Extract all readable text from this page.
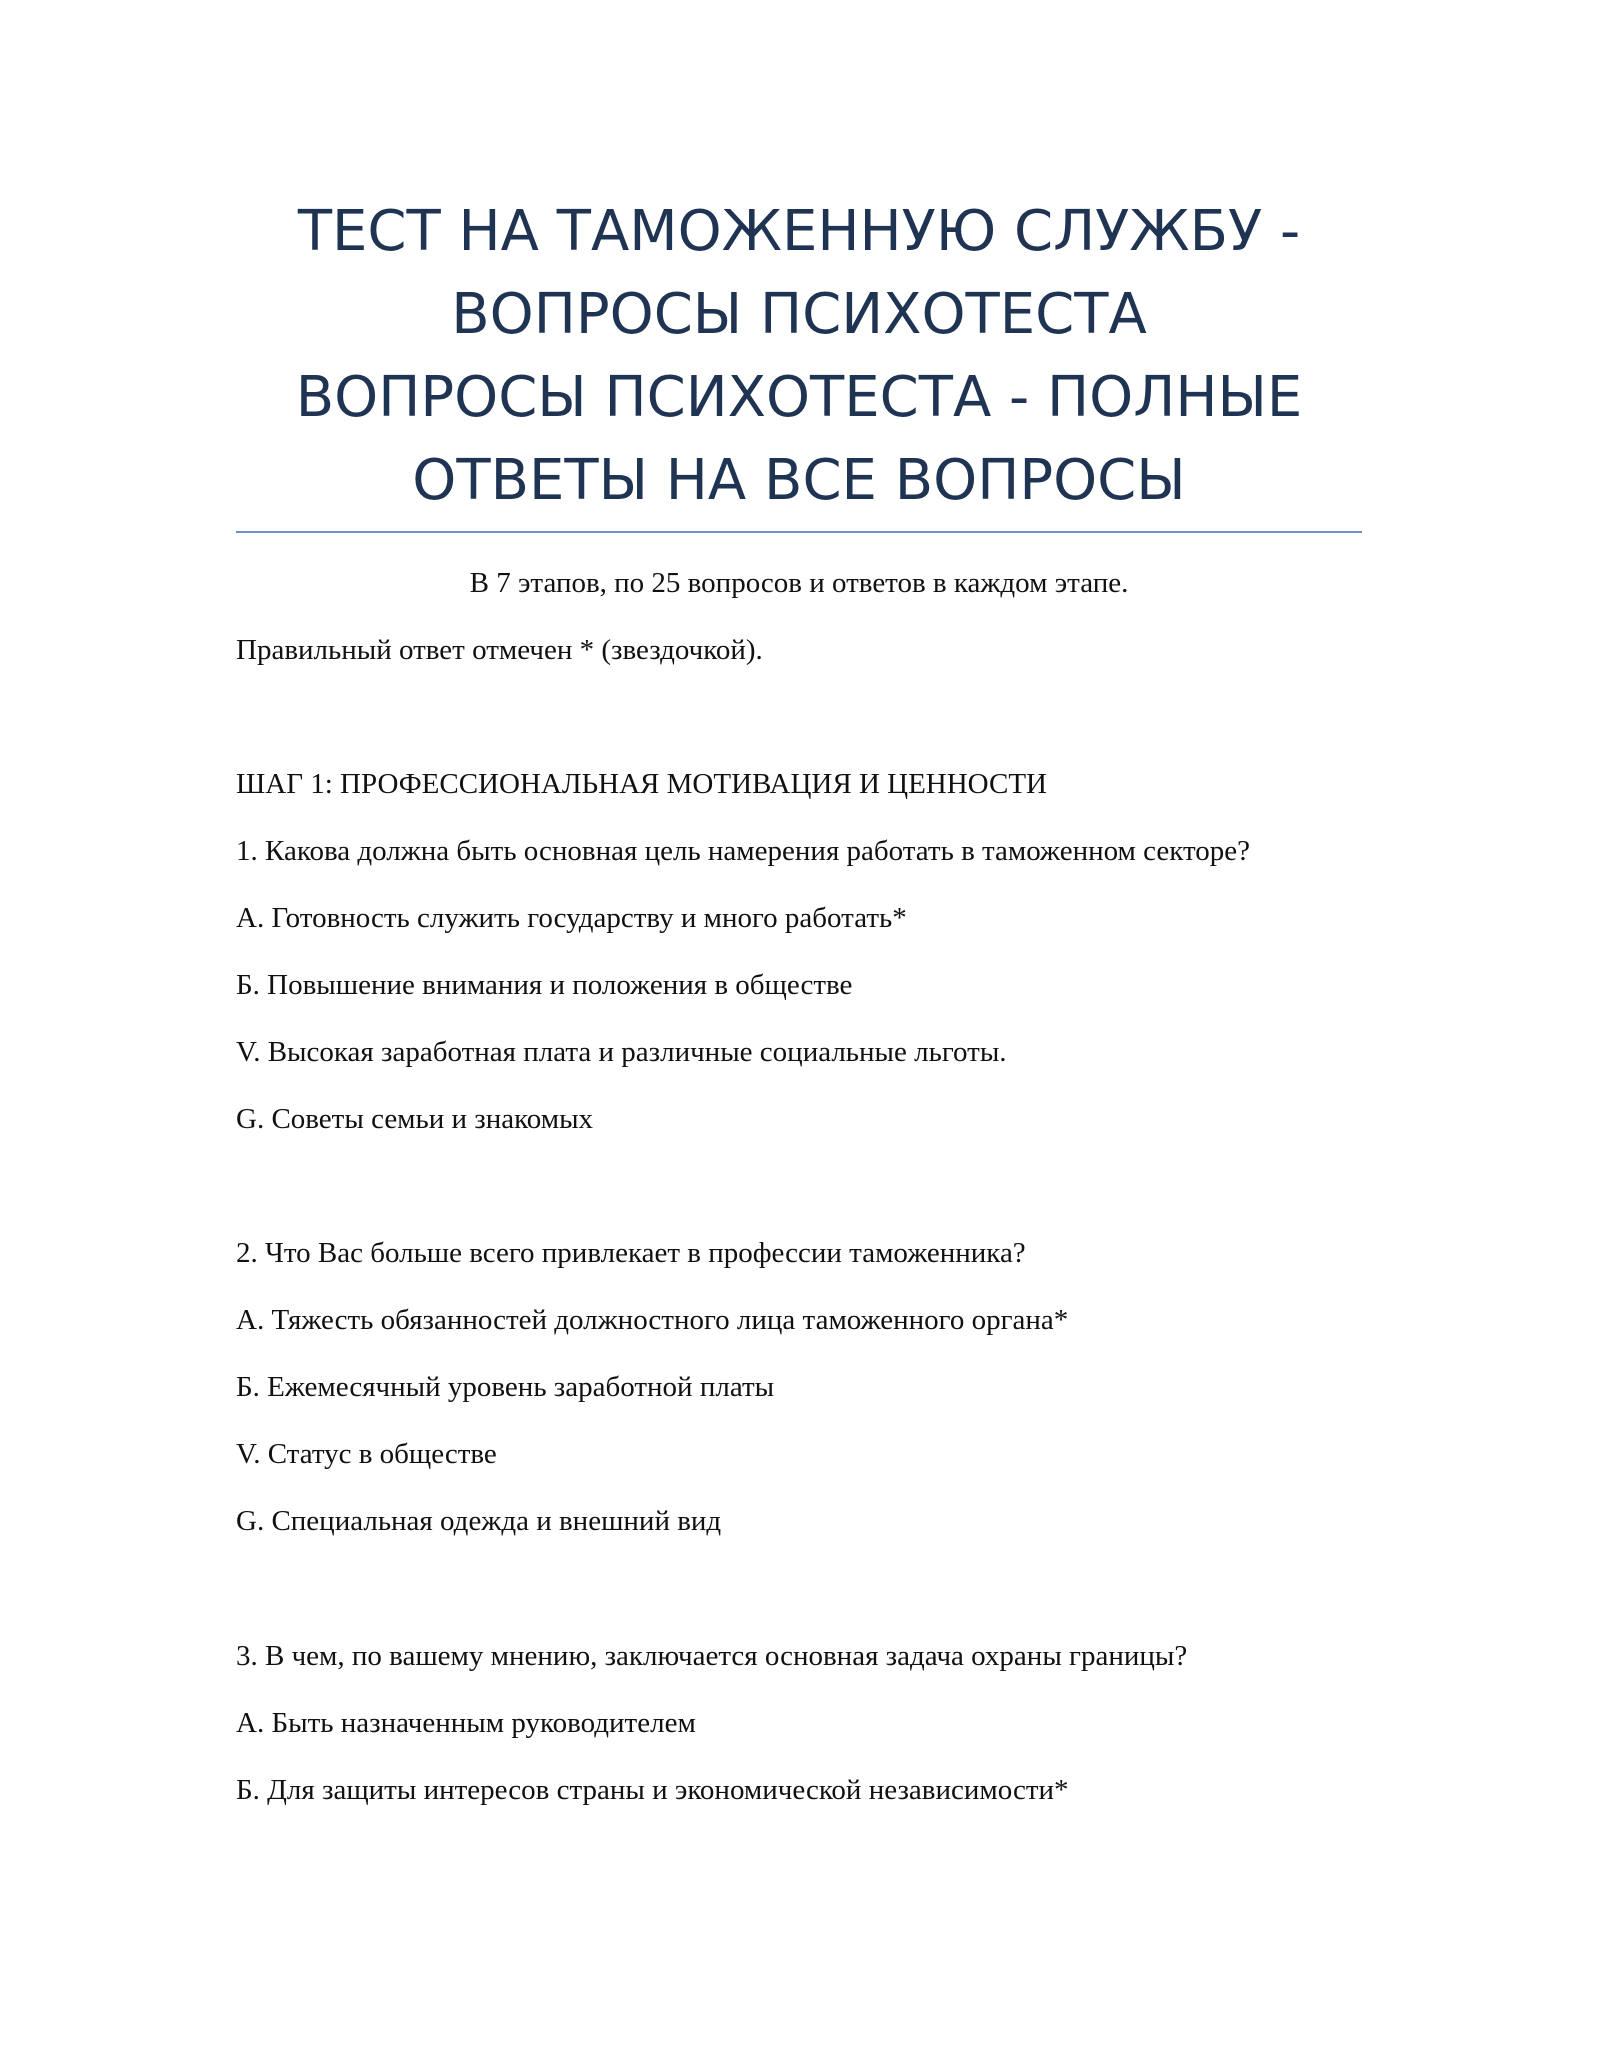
ТЕСТ НА ТАМОЖЕННУЮ СЛУЖБУ -
ВОПРОСЫ ПСИХОТЕСТА
ВОПРОСЫ ПСИХОТЕСТА - ПОЛНЫЕ
ОТВЕТЫ НА ВСЕ ВОПРОСЫ
В 7 этапов, по 25 вопросов и ответов в каждом этапе.
Правильный ответ отмечен * (звездочкой).
ШАГ 1: ПРОФЕССИОНАЛЬНАЯ МОТИВАЦИЯ И ЦЕННОСТИ
1. Какова должна быть основная цель намерения работать в таможенном секторе?
А. Готовность служить государству и много работать*
Б. Повышение внимания и положения в обществе
V. Высокая заработная плата и различные социальные льготы.
G. Советы семьи и знакомых
2. Что Вас больше всего привлекает в профессии таможенника?
А. Тяжесть обязанностей должностного лица таможенного органа*
Б. Ежемесячный уровень заработной платы
V. Статус в обществе
G. Специальная одежда и внешний вид
3. В чем, по вашему мнению, заключается основная задача охраны границы?
А. Быть назначенным руководителем
Б. Для защиты интересов страны и экономической независимости*
